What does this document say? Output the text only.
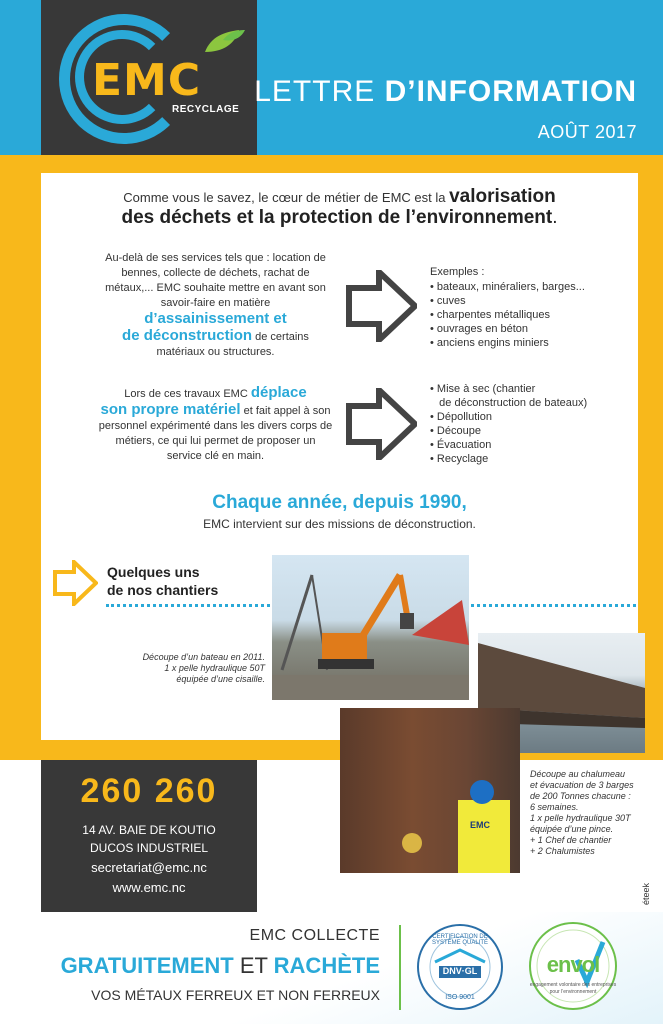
EMC
RECYCLAGE
LETTRE D’INFORMATION
AOÛT 2017
Comme vous le savez, le cœur de métier de EMC est la valorisation
des déchets et la protection de l’environnement.
Au-delà de ses services tels que : location de bennes, collecte de déchets, rachat de métaux,... EMC souhaite mettre en avant son savoir-faire en matière
d’assainissement et
de déconstruction de certains matériaux ou structures.
Exemples :
• bateaux, minéraliers, barges...
• cuves
• charpentes métalliques
• ouvrages en béton
• anciens engins miniers
Lors de ces travaux EMC déplace
son propre matériel et fait appel à son personnel expérimenté dans les divers corps de métiers, ce qui lui permet de proposer un service clé en main.
• Mise à sec (chantier
de déconstruction de bateaux)
• Dépollution
• Découpe
• Évacuation
• Recyclage
Chaque année, depuis 1990,
EMC intervient sur des missions de déconstruction.
Quelques uns
de nos chantiers
Découpe d’un bateau en 2011.
1 x pelle hydraulique 50T
équipée d’une cisaille.
EMC
Découpe au chalumeau
et évacuation de 3 barges
de 200 Tonnes chacune :
6 semaines.
1 x pelle hydraulique 30T
équipée d’une pince.
+ 1 Chef de chantier
+ 2 Chalumistes
260 260
14 AV. BAIE DE KOUTIO
DUCOS INDUSTRIEL
secretariat@emc.nc
www.emc.nc
EMC COLLECTE
GRATUITEMENT ET RACHÈTE
VOS MÉTAUX FERREUX ET NON FERREUX
CERTIFICATION DE SYSTÈME QUALITÉ
DNV·GL
ISO 9001
envol
engagement volontaire des entreprises
pour l’environnement
éteek
